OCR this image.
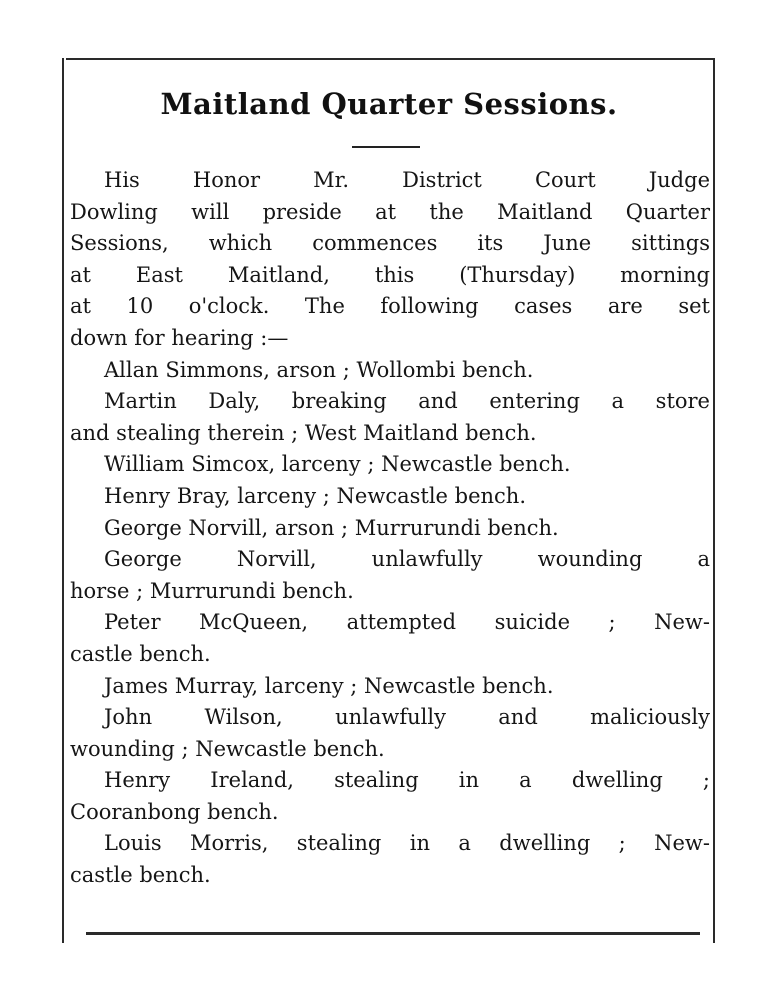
Maitland Quarter Sessions.
His Honor Mr. District Court Judge
Dowling will preside at the Maitland Quarter
Sessions, which commences its June sittings
at East Maitland, this (Thursday) morning
at 10 o'clock. The following cases are set
down for hearing :—
Allan Simmons, arson ; Wollombi bench.
Martin Daly, breaking and entering a store
and stealing therein ; West Maitland bench.
William Simcox, larceny ; Newcastle bench.
Henry Bray, larceny ; Newcastle bench.
George Norvill, arson ; Murrurundi bench.
George Norvill, unlawfully wounding a
horse ; Murrurundi bench.
Peter McQueen, attempted suicide ; New-
castle bench.
James Murray, larceny ; Newcastle bench.
John Wilson, unlawfully and maliciously
wounding ; Newcastle bench.
Henry Ireland, stealing in a dwelling ;
Cooranbong bench.
Louis Morris, stealing in a dwelling ; New-
castle bench.
